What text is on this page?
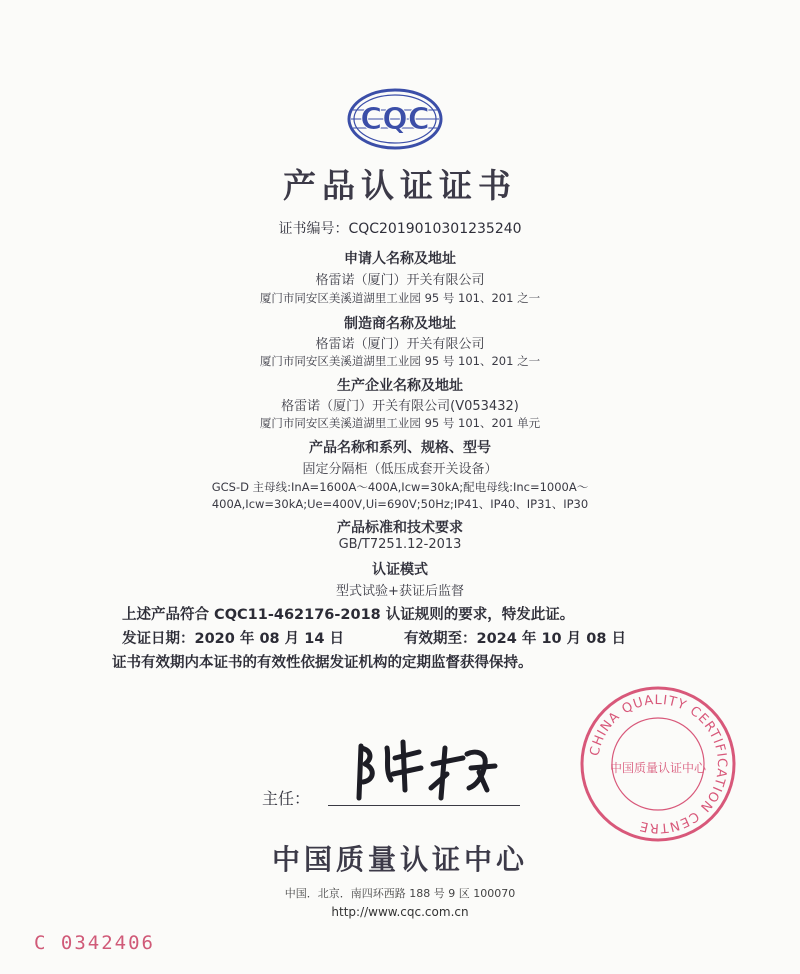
CQC
产品认证证书
证书编号：CQC2019010301235240
申请人名称及地址
格雷诺（厦门）开关有限公司
厦门市同安区美溪道湖里工业园 95 号 101、201 之一
制造商名称及地址
格雷诺（厦门）开关有限公司
厦门市同安区美溪道湖里工业园 95 号 101、201 之一
生产企业名称及地址
格雷诺（厦门）开关有限公司(V053432)
厦门市同安区美溪道湖里工业园 95 号 101、201 单元
产品名称和系列、规格、型号
固定分隔柜（低压成套开关设备）
GCS-D 主母线:InA=1600A～400A,Icw=30kA;配电母线:Inc=1000A～
400A,Icw=30kA;Ue=400V,Ui=690V;50Hz;IP41、IP40、IP31、IP30
产品标准和技术要求
GB/T7251.12-2013
认证模式
型式试验+获证后监督
上述产品符合 CQC11-462176-2018 认证规则的要求，特发此证。
发证日期：2020 年 08 月 14 日	有效期至：2024 年 10 月 08 日
证书有效期内本证书的有效性依据发证机构的定期监督获得保持。
主任：
CHINA QUALITY CERTIFICATION CENTRE
中国质量认证中心
中国质量认证中心
中国．北京．南四环西路 188 号 9 区 100070
http://www.cqc.com.cn
C 0342406
